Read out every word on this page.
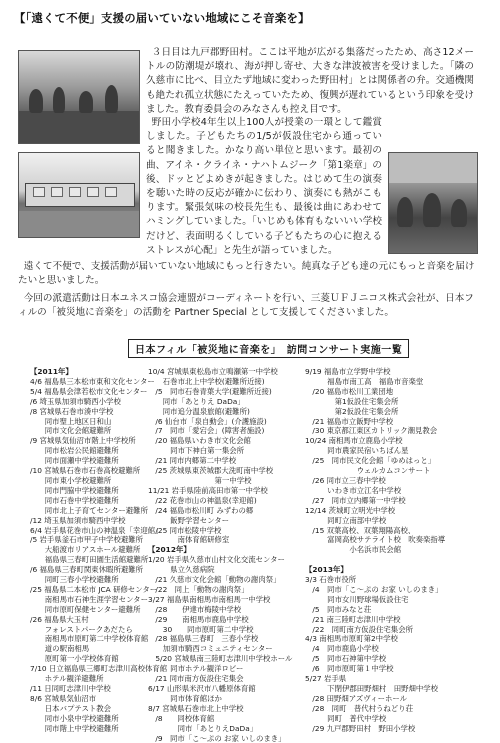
【「遠くて不便」支援の届いていない地域にこそ音楽を】

３日目は九戸郡野田村。ここは平地が広がる集落だったため、高さ12メートルの防潮堤が壊れ、海が押し寄せ、大きな津波被害を受けました。「隣の久慈市に比べ、目立たず地域に変わった野田村」とは関係者の弁。交通機関も絶たれ孤立状態にたえっていたため、復興が遅れているという印象を受けました。教育委員会のみなさんも控え目です。

野田小学校4年生以上100人が授業の一環として鑑賞しました。子どもたちの1/5が仮設住宅から通っていると聞きました。かなり高い単位と思います。最初の曲、アイネ・クライネ・ナハトムジーク「第1楽章」の後、ドッとどよめきが起きました。はじめて生の演奏を聴いた時の反応が確かに伝わり、演奏にも熱がこもります。緊張気味の校長先生も、最後は曲にあわせてハミングしていました。「いじめも体育もないいい学校だけど、表面明るくしている子どもたちの心に抱えるストレスが心配」と先生が語っていました。

遠くて不便で、支援活動が届いていない地域にもっと行きたい。純真な子ども達の元にもっと音楽を届けたいと思いました。

今回の派遣活動は日本ユネスコ協会連盟がコーディネートを行い、三菱ＵＦＪニコス株式会社が、日本フィルの「被災地に音楽を」の活動を Partner Special として支援してくださいました。
日本フィル「被災地に音楽を」　訪問コンサート実施一覧
【2011年】
4/6 福島県三本松市東和文化センター
5/4 福島県会津若松市文化センター
/6 埼玉県加須市騎西小学校
/8 宮城県石巻市湊中学校
　　同市聖上地区日和山
　　同市文化会館避難所
/9 宮城県気仙沼市階上中学校所
　　同市松岩公民館避難所
　　同市面瀬中学校避難所
/10 宮城県石巻市石巻高校避難所
　　同市東小学校避難所
　　同市門脇中学校避難所
　　同市石巻中学校避難所
　　同市北上子育てセンター避難所
/12 埼玉県加須市騎西中学校
6/4 岩手県花巻市山の神温泉「幸迎館」
/5 岩手県釜石市甲子中学校避難所
　　大船渡市リアスホール避難所
　　福島県三春町田園生活館避難所
/6 福島県三春町関東休暇所避難所
　　同町三春小学校避難所
/25 福島県二本松市 JCA 研修センター
　　南相馬市石神生涯学習センター
　　同市原町保健センター避難所
/26 福島県大玉村
　　フォレストパークあだたら
　　南相馬市原町第二中学校体育館
　　道の駅南相馬
　　原町第一小学校体育館
7/10 日立福島県三郷町志津川高校体育館
　　ホテル観洋避難所
/11 日同町志津川中学校
8/6 宮城県気仙沼市
　　日本バプテスト教会
　　同市小泉中学校避難所
　　同市階上中学校避難所
10/4 宮城県東松島市立鳴瀬第一中学校
　　石巻市北上中学校(避難所近接)
　/5　同市石巻青葉大学(避難所近接)
　　同市「あとりえ DaDa」
　　同市追分温泉旅館(避難所)
　/6 仙台市「泉自動会」(介護施設)
　/7　同市「愛宕会」(障害者施設)
　/20 福島県いわき市文化会館
　　　同市下神白第一集会所
　/21 同市内郷第二中学校
　/25 茨城県東茨城郡大洗町南中学校
　　　　　　　　　第一中学校
11/21 岩手県陸前高田市第一中学校
　/22 花巻市山の神温泉(幸迎館)
　/24 福島市松川町 みずわの郷
　　　飯野学習センター
　/25 同市松陵中学校
　　　　南体育館研修室
【2012年】
1/20 岩手県久慈市山村文化交流センター
　　　県立久慈病院
　/21 久慈市文化会館「動物の謝肉祭」
　/22　同上「動物の謝肉祭」
3/27 福島県南相馬市南相馬一中学校
　/28　　伊達市梅陵中学校
　/29　　南相馬市鹿島中学校
　　30　　同市原町第二中学校
　/28 福島県三春町　三春小学校
　　加須市騎西コミュニティセンター
　5/20 宮城県南三陸町志津川中学校ホール
　　　同市ホテル観洋ロビー
　/21 同市南方仮設住宅集会
6/17 山形県米沢市八幡原体育館
　　　同市体育館ほか
8/7 宮城県石巻市北上中学校
　/8　　同校体育館
　　　　同市「あとりえDaDa」
　/9　同市「こ〜ぷの お家 いしのまき」
9/19 福島市立学野中学校
　　　福島市南工高　福島市音楽堂
　/20 福島市松川工業団地
　　　　第1仮設住宅集会所
　　　　第2仮設住宅集会所
　/21 福島市立飯野中学校
　/30 東京都江東区カトリック潮見教会
10/24 南相馬市立鹿島小学校
　　　同市農家民宿いちばん星
　/25　同市民文化会館「ゆめはっと」
　　　　　　　ウェルカムコンサート
　/26 同市立三春中学校
　　　いわき市立江名中学校
　/27　同市立内郷第一中学校
12/14 茨城町立明光中学校
　　　同町立南部中学校
　/15 双葉高校、双葉翔陽高校、
　　　富岡高校サテライト校　吹奏楽指導
　　　　　　小名浜市民会館

【2013年】
3/3 石巻市役所
　/4　同市「こ〜ぷの お家 いしのまき」
　　　同市女川野球場仮設住宅
　/5　同市みなと荘
　/21 南三陸町志津川中学校
　/22　同町南方仮設住宅集会所
4/3 南相馬市原町第2中学校
　/4　同市鹿島小学校
　/5　同市石神第中学校
　/6　同市原町第１中学校
5/27 岩手県
　　　下閉伊郡田野畑村　田野畑中学校
　/28 田野畑アズヴィーホール
　/28　同町　普代村うねどり荘
　　　同町　普代中学校
　/29 九戸郡野田村　野田小学校
